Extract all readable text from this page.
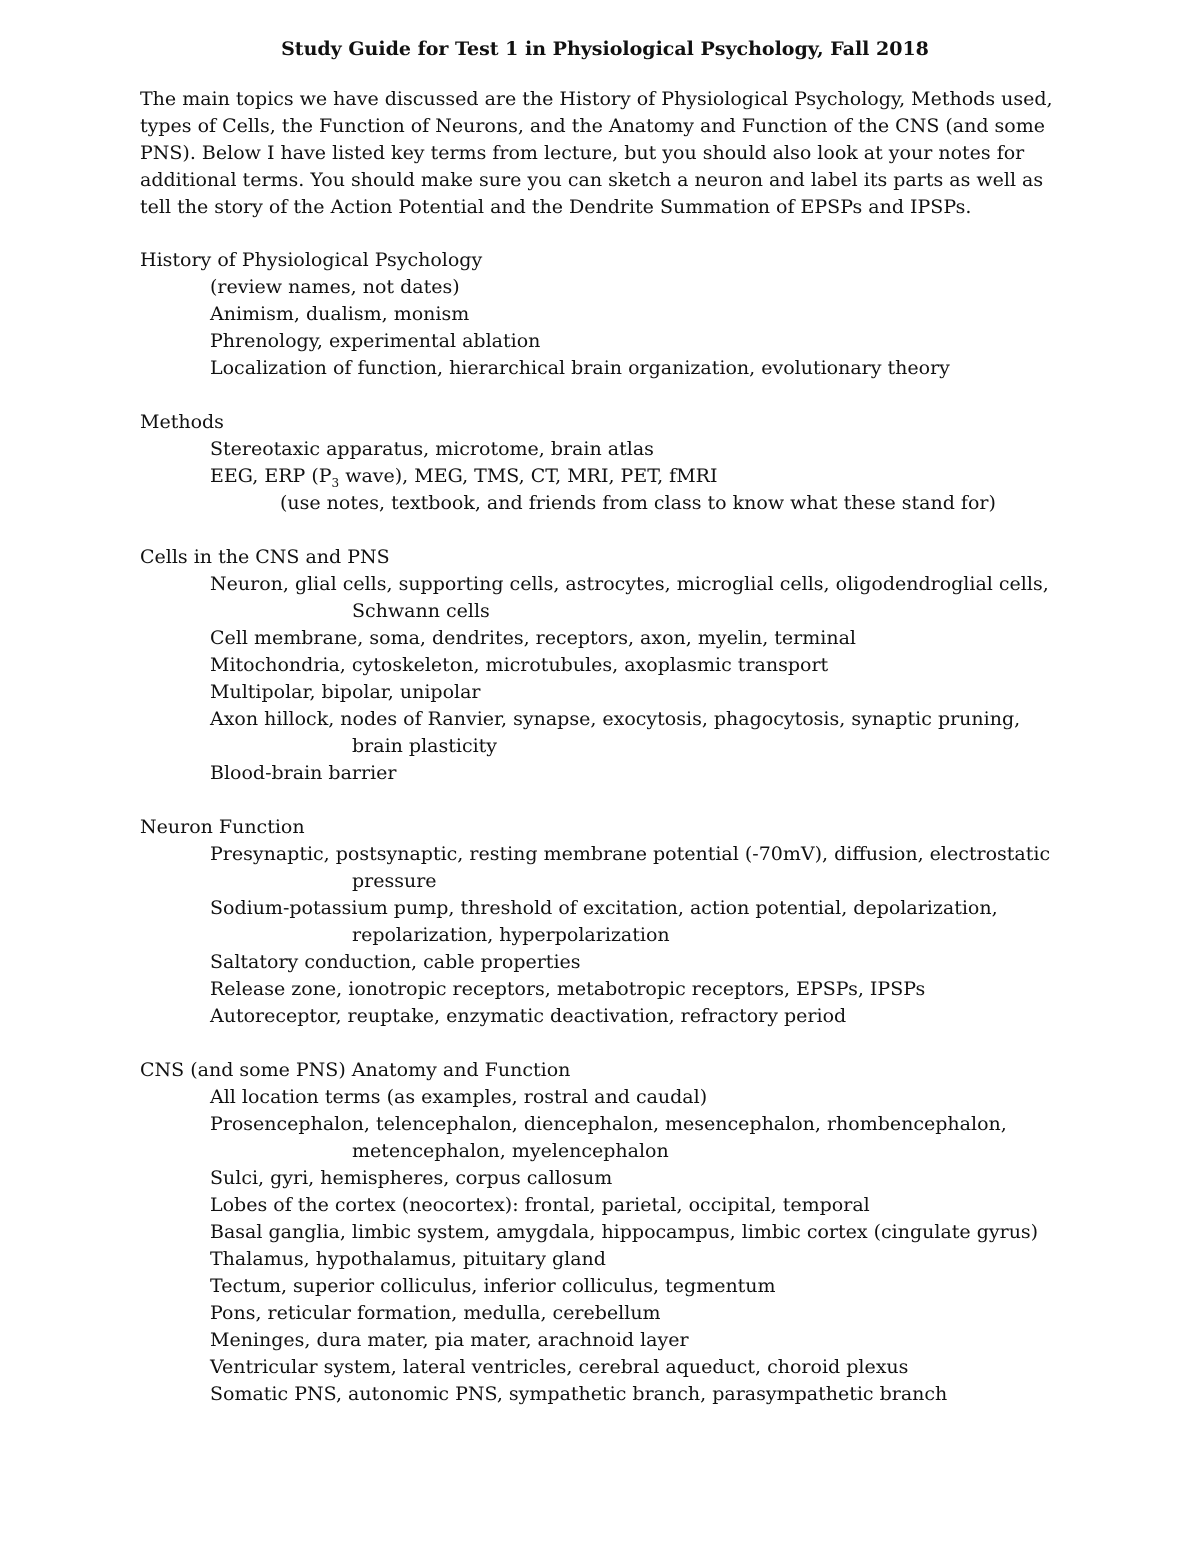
Study Guide for Test 1 in Physiological Psychology, Fall 2018
The main topics we have discussed are the History of Physiological Psychology, Methods used, types of Cells, the Function of Neurons, and the Anatomy and Function of the CNS (and some PNS). Below I have listed key terms from lecture, but you should also look at your notes for additional terms. You should make sure you can sketch a neuron and label its parts as well as tell the story of the Action Potential and the Dendrite Summation of EPSPs and IPSPs.
History of Physiological Psychology
(review names, not dates)
Animism, dualism, monism
Phrenology, experimental ablation
Localization of function, hierarchical brain organization, evolutionary theory
Methods
Stereotaxic apparatus, microtome, brain atlas
EEG, ERP ($P_3$ wave), MEG, TMS, CT, MRI, PET, fMRI
(use notes, textbook, and friends from class to know what these stand for)
Cells in the CNS and PNS
Neuron, glial cells, supporting cells, astrocytes, microglial cells, oligodendroglial cells, Schwann cells
Cell membrane, soma, dendrites, receptors, axon, myelin, terminal
Mitochondria, cytoskeleton, microtubules, axoplasmic transport
Multipolar, bipolar, unipolar
Axon hillock, nodes of Ranvier, synapse, exocytosis, phagocytosis, synaptic pruning, brain plasticity
Blood-brain barrier
Neuron Function
Presynaptic, postsynaptic, resting membrane potential (-70mV), diffusion, electrostatic pressure
Sodium-potassium pump, threshold of excitation, action potential, depolarization, repolarization, hyperpolarization
Saltatory conduction, cable properties
Release zone, ionotropic receptors, metabotropic receptors, EPSPs, IPSPs
Autoreceptor, reuptake, enzymatic deactivation, refractory period
CNS (and some PNS) Anatomy and Function
All location terms (as examples, rostral and caudal)
Prosencephalon, telencephalon, diencephalon, mesencephalon, rhombencephalon, metencephalon, myelencephalon
Sulci, gyri, hemispheres, corpus callosum
Lobes of the cortex (neocortex): frontal, parietal, occipital, temporal
Basal ganglia, limbic system, amygdala, hippocampus, limbic cortex (cingulate gyrus)
Thalamus, hypothalamus, pituitary gland
Tectum, superior colliculus, inferior colliculus, tegmentum
Pons, reticular formation, medulla, cerebellum
Meninges, dura mater, pia mater, arachnoid layer
Ventricular system, lateral ventricles, cerebral aqueduct, choroid plexus
Somatic PNS, autonomic PNS, sympathetic branch, parasympathetic branch
